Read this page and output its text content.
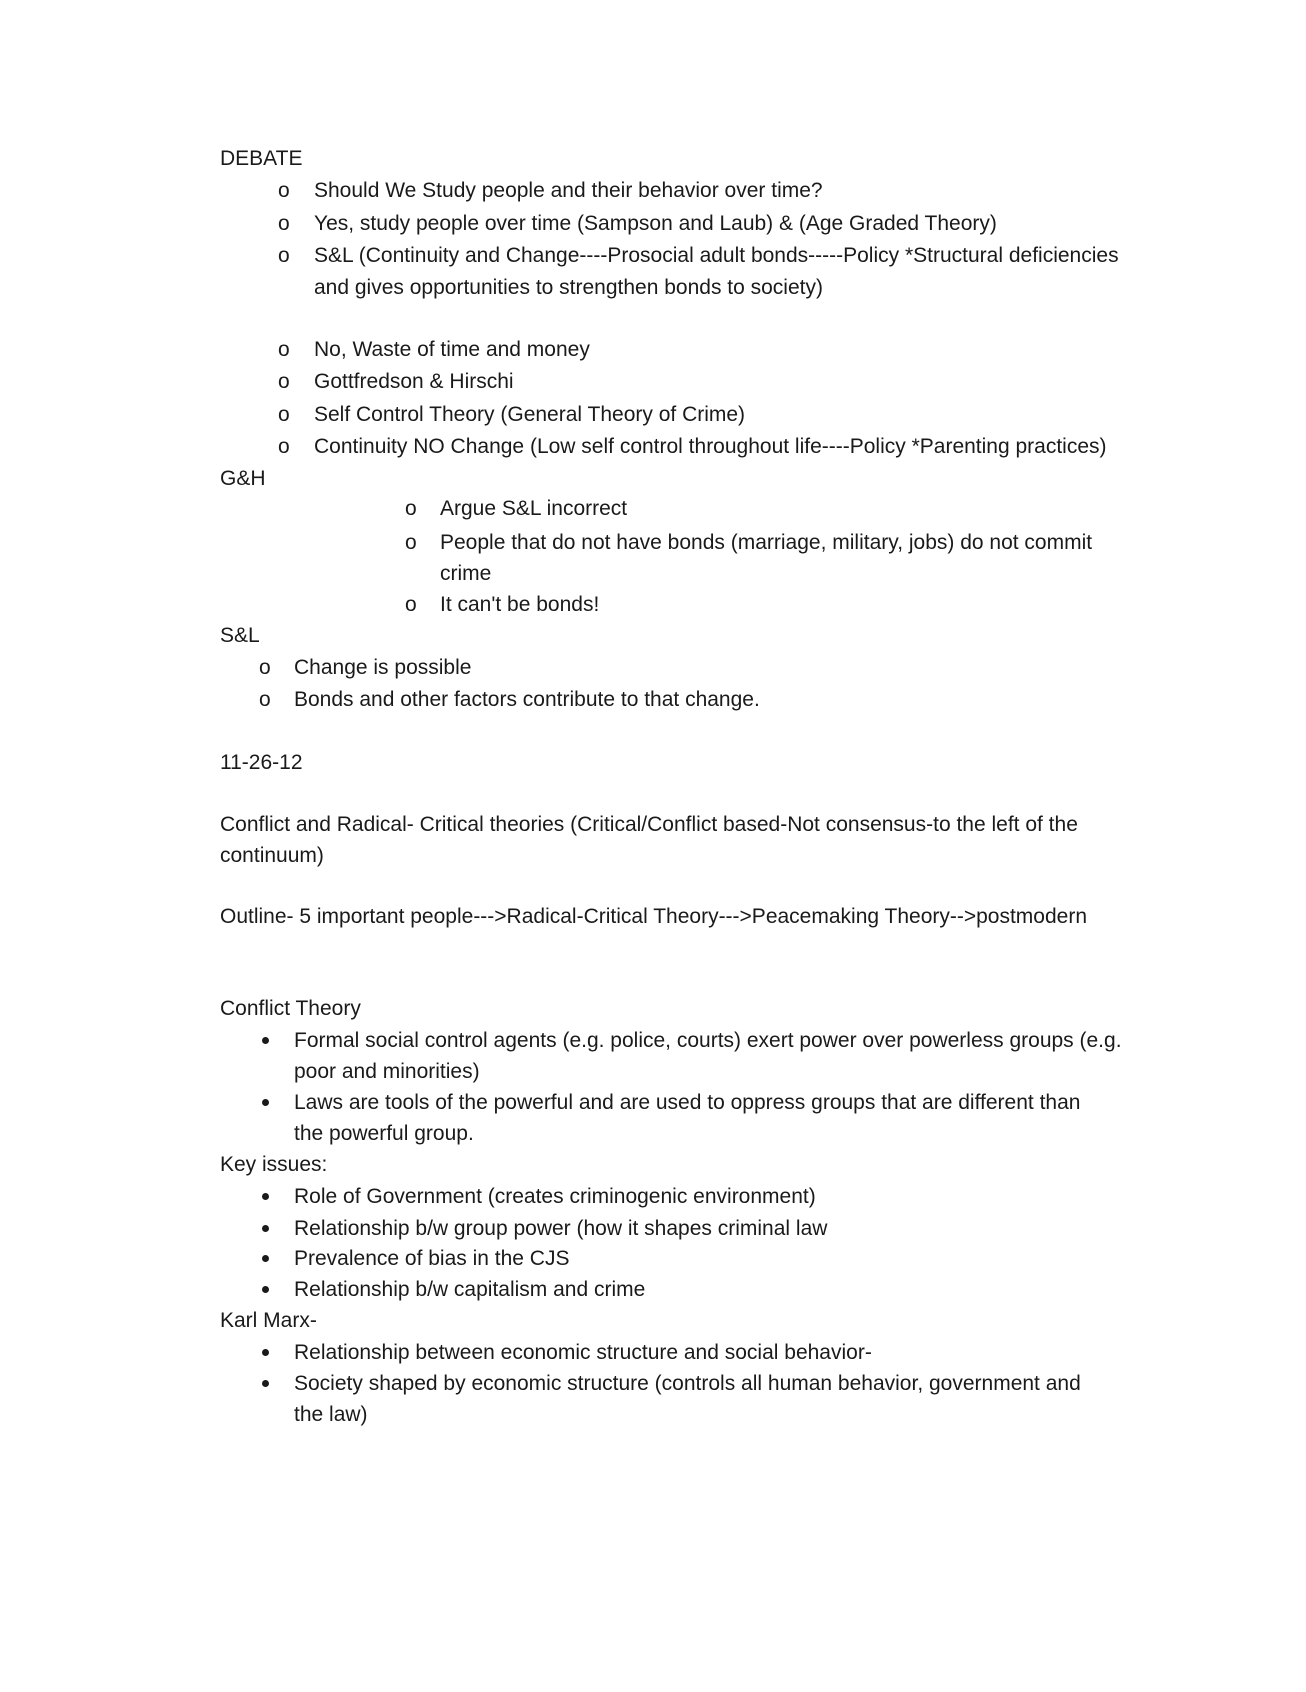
DEBATE
o Should We Study people and their behavior over time?
o Yes, study people over time (Sampson and Laub) & (Age Graded Theory)
o S&L (Continuity and Change----Prosocial adult bonds-----Policy *Structural deficiencies
and gives opportunities to strengthen bonds to society)
o No, Waste of time and money
o Gottfredson & Hirschi
o Self Control Theory (General Theory of Crime)
o Continuity NO Change (Low self control throughout life----Policy *Parenting practices)
G&H
o Argue S&L incorrect
o People that do not have bonds (marriage, military, jobs) do not commit
crime
o It can't be bonds!
S&L
o Change is possible
o Bonds and other factors contribute to that change.
11-26-12
Conflict and Radical- Critical theories (Critical/Conflict based-Not consensus-to the left of the
continuum)
Outline- 5 important people--->Radical-Critical Theory--->Peacemaking Theory-->postmodern
Conflict Theory
Formal social control agents (e.g. police, courts) exert power over powerless groups (e.g.
poor and minorities)
Laws are tools of the powerful and are used to oppress groups that are different than
the powerful group.
Key issues:
Role of Government (creates criminogenic environment)
Relationship b/w group power (how it shapes criminal law
Prevalence of bias in the CJS
Relationship b/w capitalism and crime
Karl Marx-
Relationship between economic structure and social behavior-
Society shaped by economic structure (controls all human behavior, government and
the law)
